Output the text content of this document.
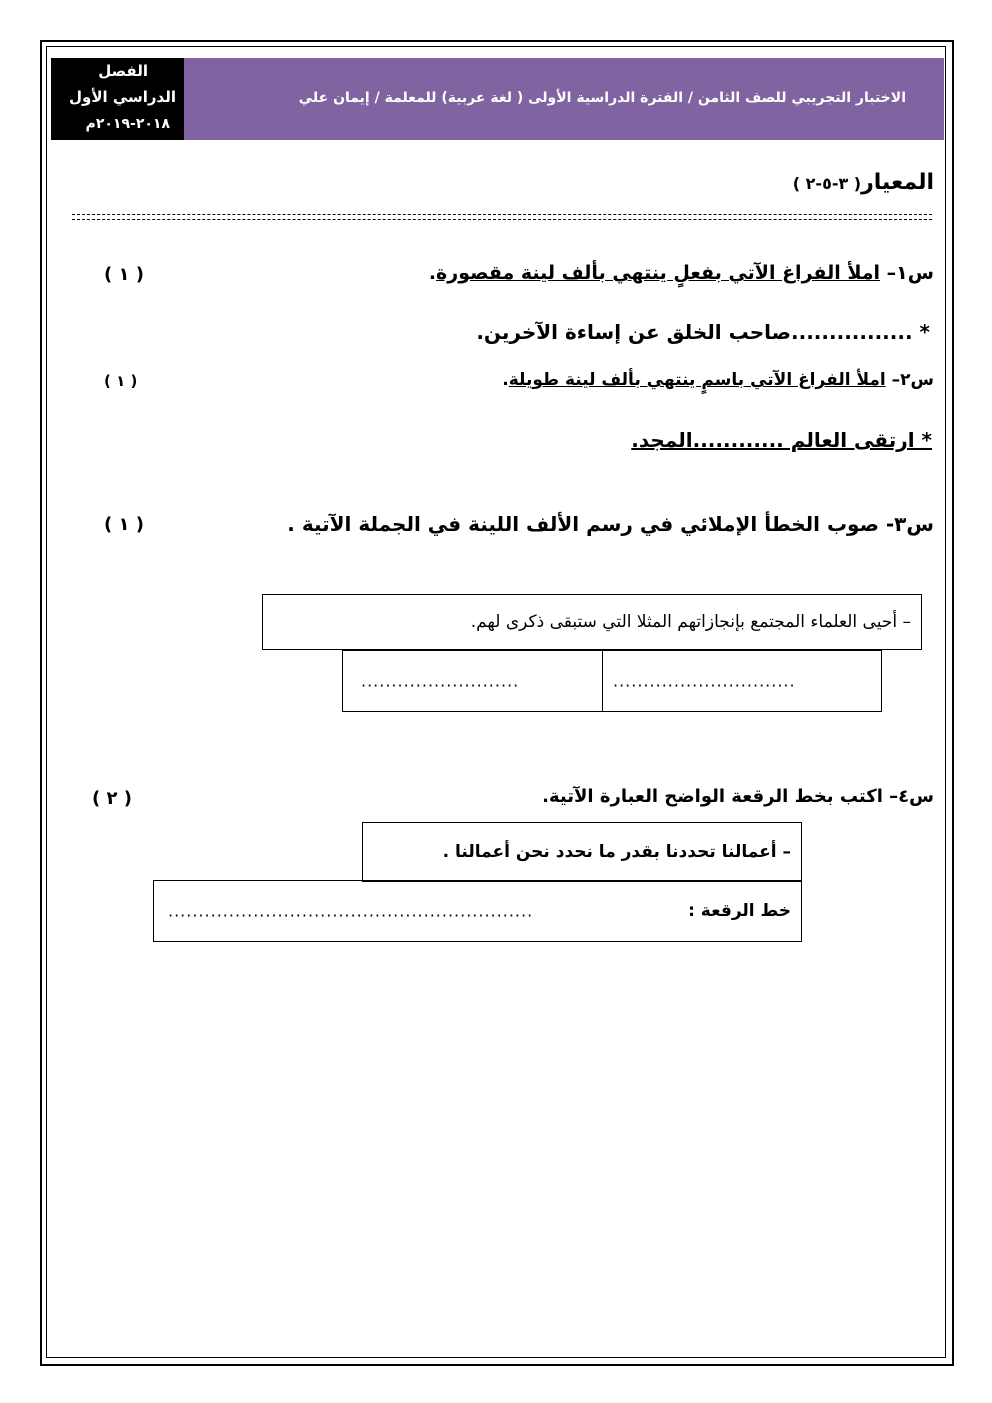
الفصل
الدراسي الأول
٢٠١٨-٢٠١٩م
الاختبار التجريبي للصف الثامن / الفترة الدراسية الأولى ( لغة عربية) للمعلمة / إيمان علي
المعيار( ٣-٥-٢ )
س١– املأ الفراغ الآتي بفعلٍ ينتهي بألف لينة مقصورة.
( ١ )
* ................صاحب الخلق عن إساءة الآخرين.
س٢– املأ الفراغ الآتي باسمٍ ينتهي بألف لينة طويلة.
( ١ )
* ارتقى العالم ............المجد.
س٣- صوب الخطأ الإملائي في رسم الألف اللينة في الجملة الآتية .
( ١ )
– أحيى العلماء المجتمع بإنجازاتهم المثلا التي ستبقى ذكرى لهم.
..............................
..........................
س٤– اكتب بخط الرقعة الواضح العبارة الآتية.
( ٢ )
– أعمالنا تحددنا بقدر ما نحدد نحن أعمالنا .
خط الرقعة :
............................................................
